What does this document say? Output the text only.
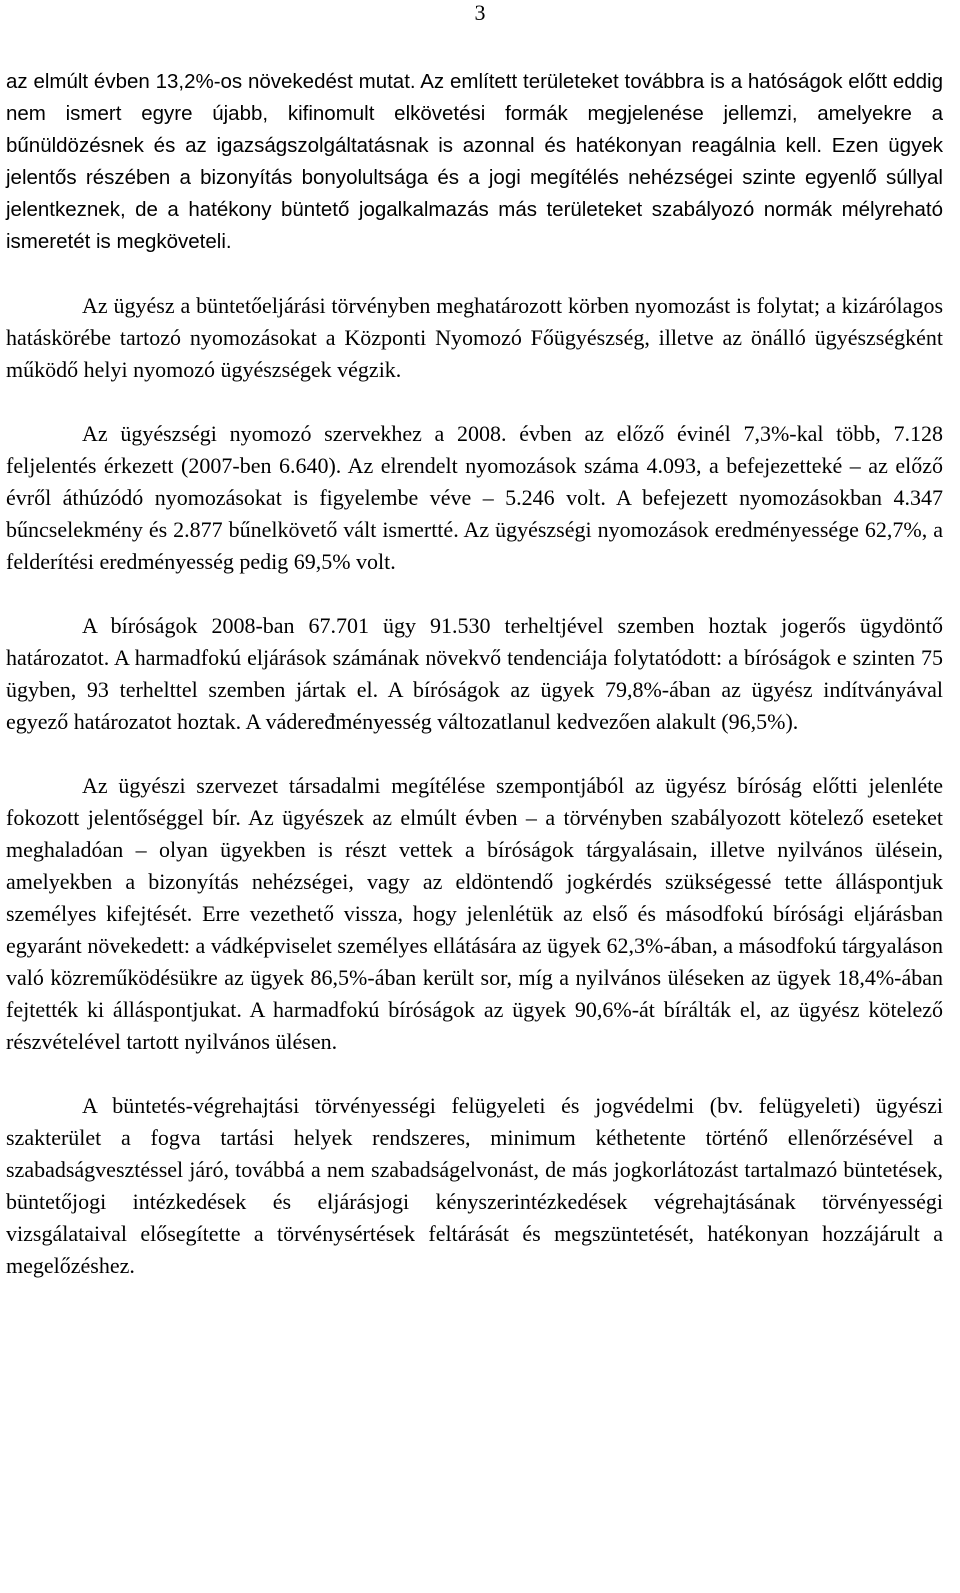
3

az elmúlt évben 13,2%-os növekedést mutat. Az említett területeket továbbra is a hatóságok előtt eddig nem ismert egyre újabb, kifinomult elkövetési formák megjelenése jellemzi, amelyekre a bűnüldözésnek és az igazságszolgáltatásnak is azonnal és hatékonyan reagálnia kell. Ezen ügyek jelentős részében a bizonyítás bonyolultsága és a jogi megítélés nehézségei szinte egyenlő súllyal jelentkeznek, de a hatékony büntető jogalkalmazás más területeket szabályozó normák mélyreható ismeretét is megköveteli.

Az ügyész a büntetőeljárási törvényben meghatározott körben nyomozást is folytat; a kizárólagos hatáskörébe tartozó nyomozásokat a Központi Nyomozó Főügyészség, illetve az önálló ügyészségként működő helyi nyomozó ügyészségek végzik.

Az ügyészségi nyomozó szervekhez a 2008. évben az előző évinél 7,3%-kal több, 7.128 feljelentés érkezett (2007-ben 6.640). Az elrendelt nyomozások száma 4.093, a befejezetteké – az előző évről áthúzódó nyomozásokat is figyelembe véve – 5.246 volt. A befejezett nyomozásokban 4.347 bűncselekmény és 2.877 bűnelkövető vált ismertté. Az ügyészségi nyomozások eredményessége 62,7%, a felderítési eredményesség pedig 69,5% volt.

A bíróságok 2008-ban 67.701 ügy 91.530 terheltjével szemben hoztak jogerős ügydöntő határozatot. A harmadfokú eljárások számának növekvő tendenciája folytatódott: a bíróságok e szinten 75 ügyben, 93 terhelttel szemben jártak el. A bíróságok az ügyek 79,8%-ában az ügyész indítványával egyező határozatot hoztak. A vádeređményesség változatlanul kedvezően alakult (96,5%).

Az ügyészi szervezet társadalmi megítélése szempontjából az ügyész bíróság előtti jelenléte fokozott jelentőséggel bír. Az ügyészek az elmúlt évben – a törvényben szabályozott kötelező eseteket meghaladóan – olyan ügyekben is részt vettek a bíróságok tárgyalásain, illetve nyilvános ülésein, amelyekben a bizonyítás nehézségei, vagy az eldöntendő jogkérdés szükségessé tette álláspontjuk személyes kifejtését. Erre vezethető vissza, hogy jelenlétük az első és másodfokú bírósági eljárásban egyaránt növekedett: a vádképviselet személyes ellátására az ügyek 62,3%-ában, a másodfokú tárgyaláson való közreműködésükre az ügyek 86,5%-ában került sor, míg a nyilvános üléseken az ügyek 18,4%-ában fejtették ki álláspontjukat. A harmadfokú bíróságok az ügyek 90,6%-át bírálták el, az ügyész kötelező részvételével tartott nyilvános ülésen.

A büntetés-végrehajtási törvényességi felügyeleti és jogvédelmi (bv. felügyeleti) ügyészi szakterület a fogva tartási helyek rendszeres, minimum kéthetente történő ellenőrzésével a szabadságvesztéssel járó, továbbá a nem szabadságelvonást, de más jogkorlátozást tartalmazó büntetések, büntetőjogi intézkedések és eljárásjogi kényszerintézkedések végrehajtásának törvényességi vizsgálataival elősegítette a törvénysértések feltárását és megszüntetését, hatékonyan hozzájárult a megelőzéshez.
